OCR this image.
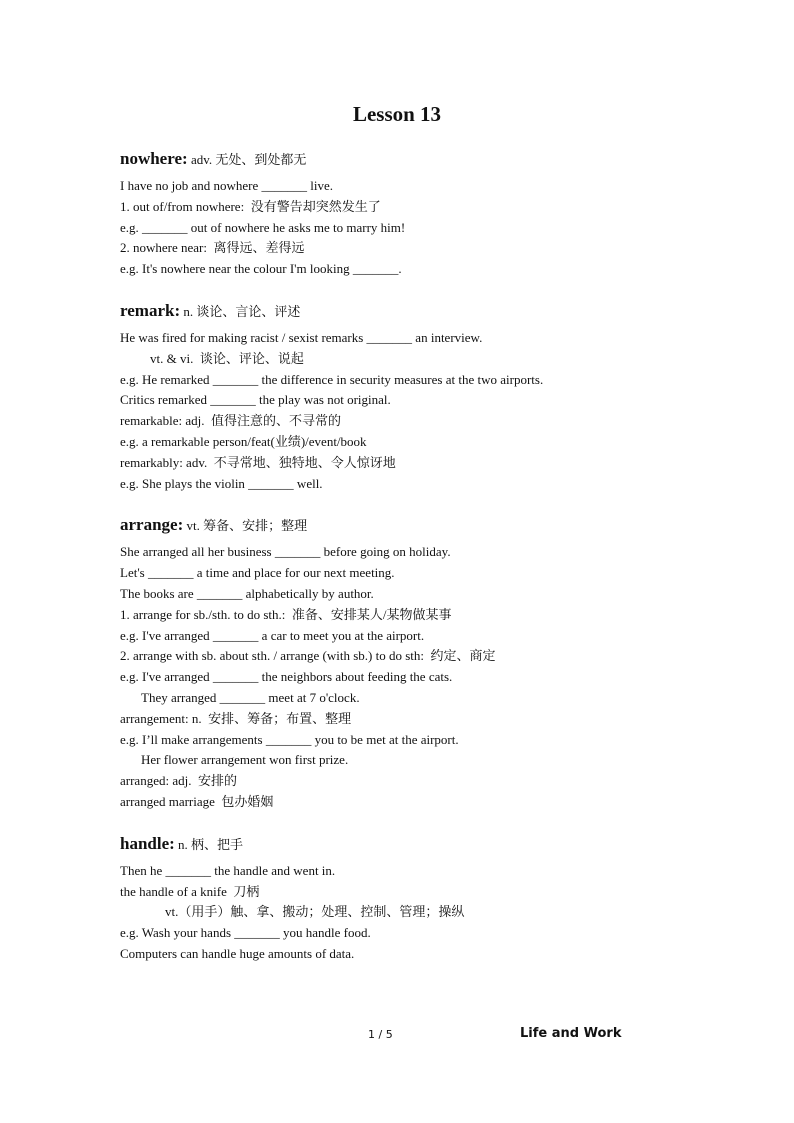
Lesson 13
nowhere: adv. 无处、到处都无
I have no job and nowhere _______ live.
1. out of/from nowhere:  没有警告却突然发生了
e.g. _______ out of nowhere he asks me to marry him!
2. nowhere near:  离得远、差得远
e.g. It's nowhere near the colour I'm looking _______.
remark: n. 谈论、言论、评述
He was fired for making racist / sexist remarks _______ an interview.
vt. & vi.  谈论、评论、说起
e.g. He remarked _______ the difference in security measures at the two airports.
Critics remarked _______ the play was not original.
remarkable: adj.  值得注意的、不寻常的
e.g. a remarkable person/feat(业绩)/event/book
remarkably: adv.  不寻常地、独特地、令人惊讶地
e.g. She plays the violin _______ well.
arrange: vt. 筹备、安排；整理
She arranged all her business _______ before going on holiday.
Let's _______ a time and place for our next meeting.
The books are _______ alphabetically by author.
1. arrange for sb./sth. to do sth.:  准备、安排某人/某物做某事
e.g. I've arranged _______ a car to meet you at the airport.
2. arrange with sb. about sth. / arrange (with sb.) to do sth:  约定、商定
e.g. I've arranged _______ the neighbors about feeding the cats.
They arranged _______ meet at 7 o'clock.
arrangement: n.  安排、筹备；布置、整理
e.g. I’ll make arrangements _______ you to be met at the airport.
Her flower arrangement won first prize.
arranged: adj.  安排的
arranged marriage  包办婚姻
handle: n. 柄、把手
Then he _______ the handle and went in.
the handle of a knife  刀柄
vt.（用手）触、拿、搬动；处理、控制、管理；操纵
e.g. Wash your hands _______ you handle food.
Computers can handle huge amounts of data.
1 / 5	Life and Work
